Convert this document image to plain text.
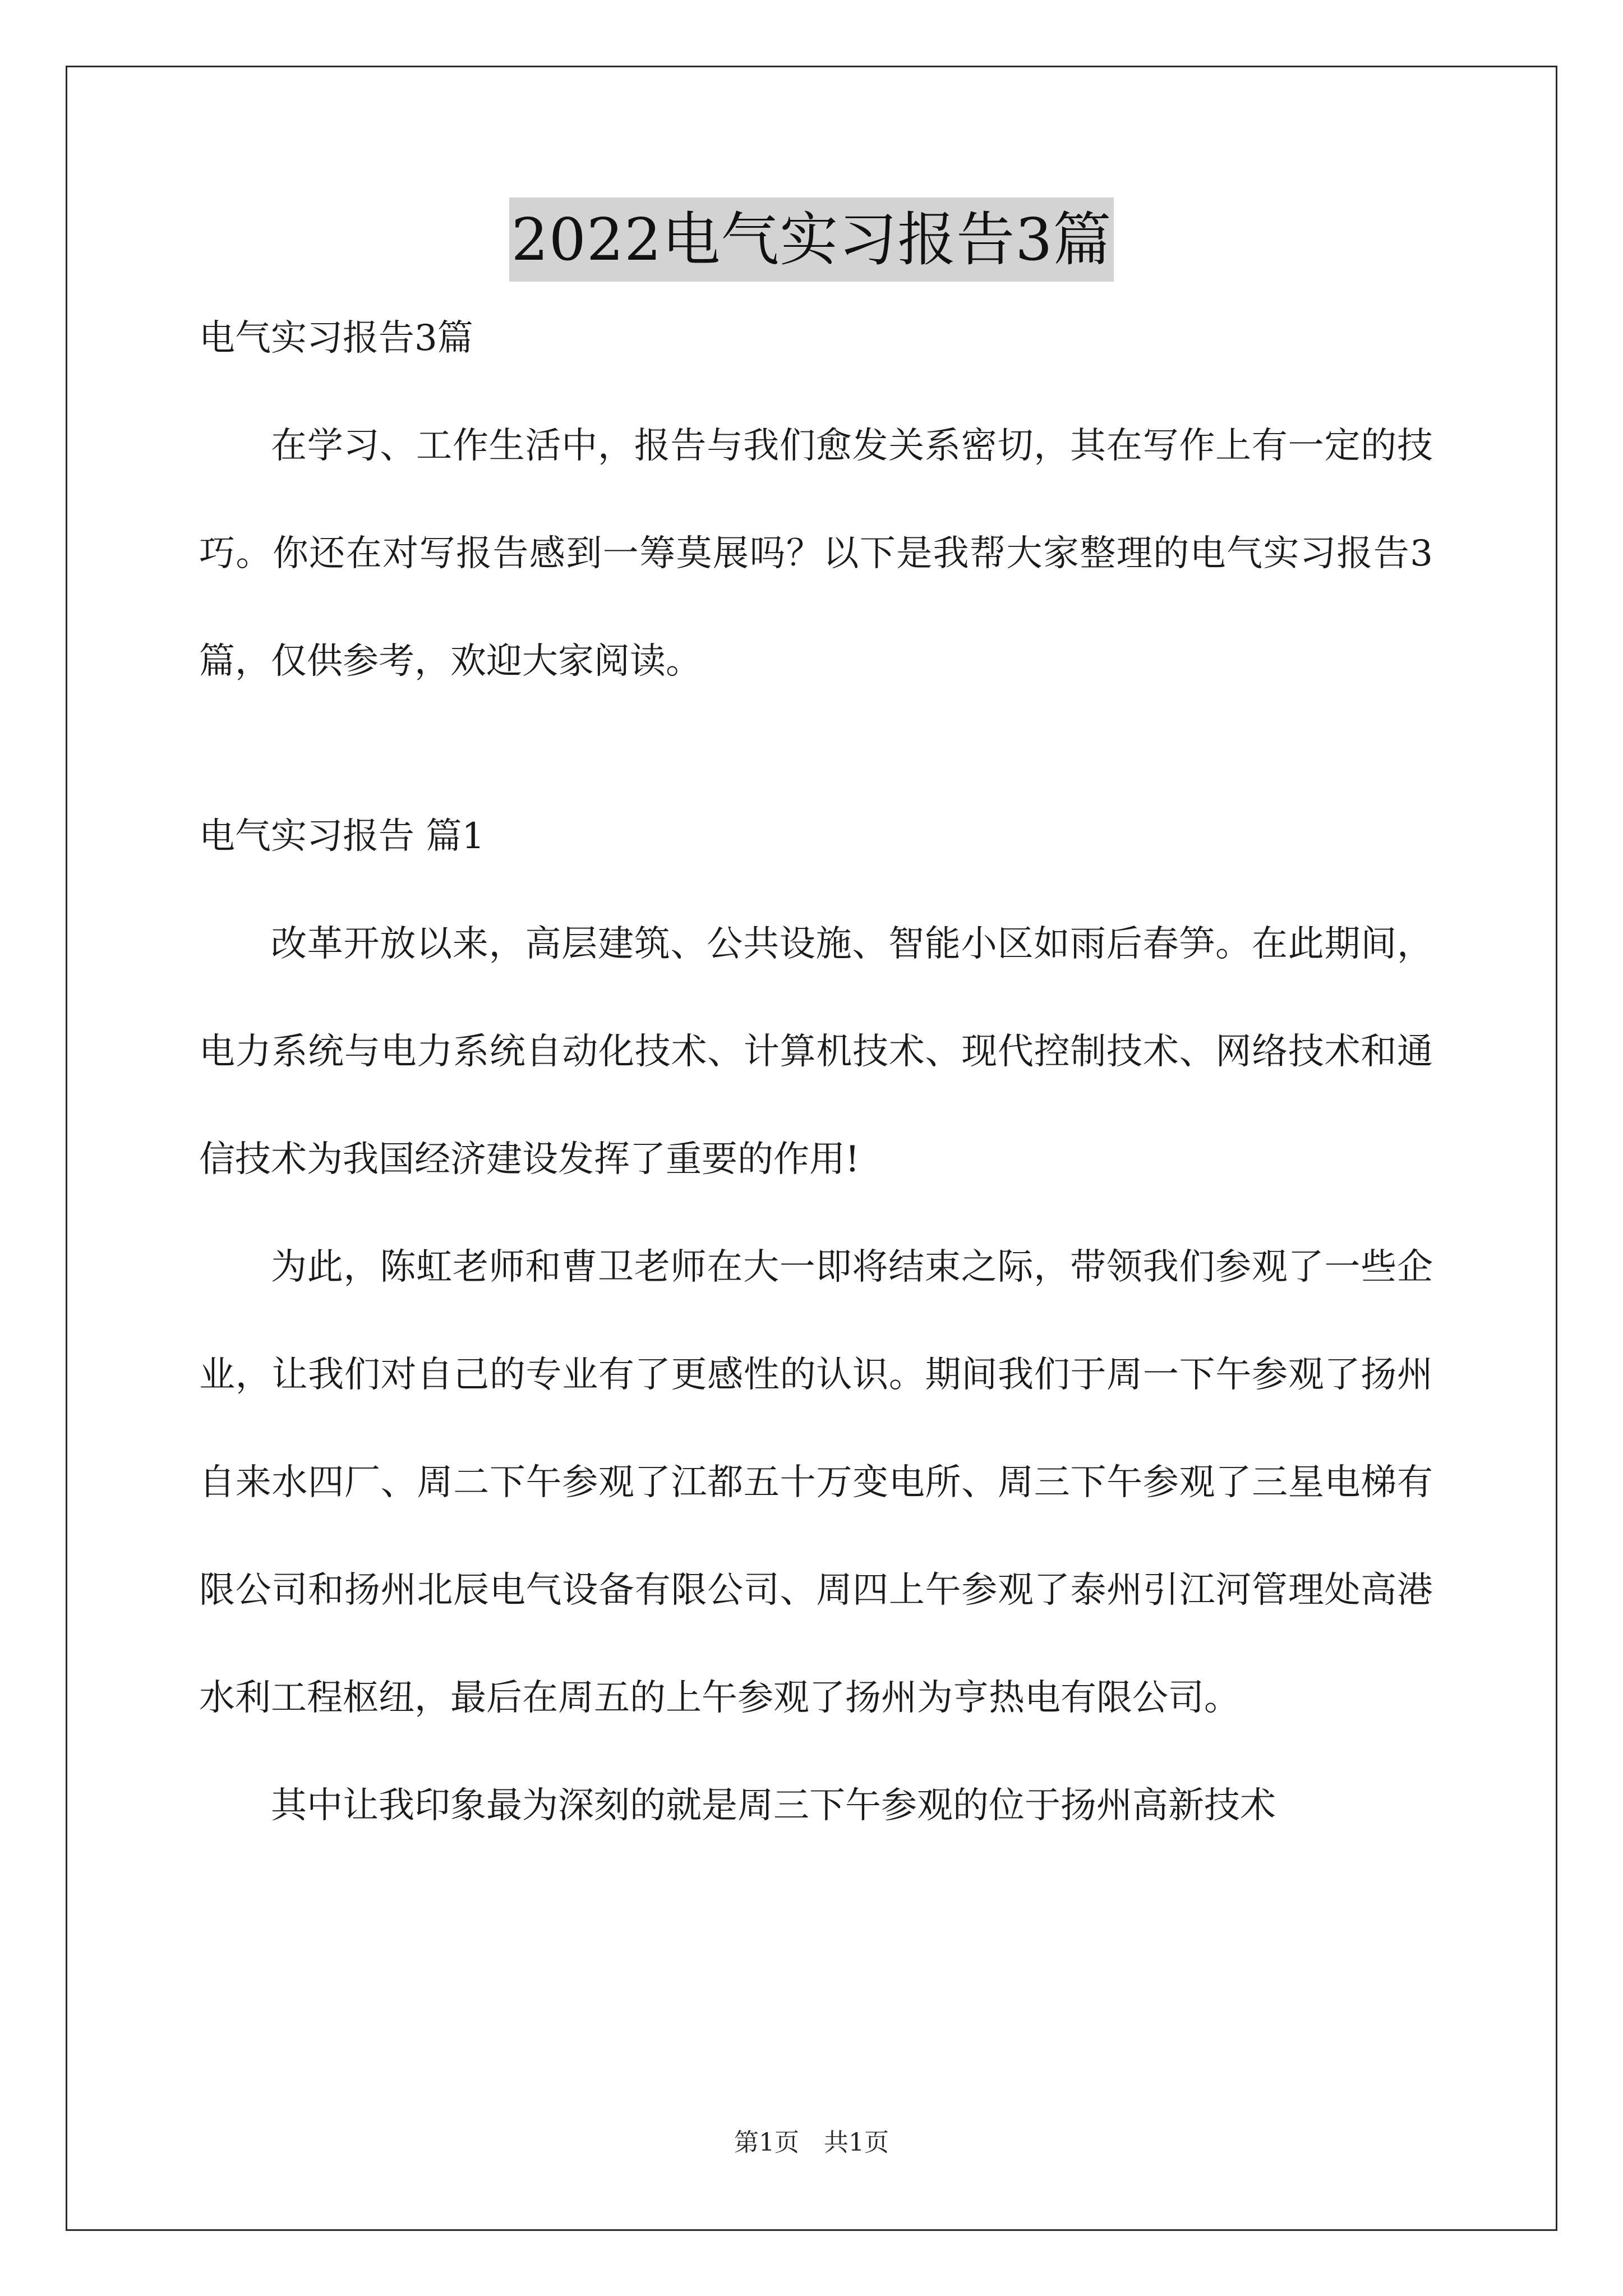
2022电气实习报告3篇

电气实习报告3篇

在学习、工作生活中，报告与我们愈发关系密切，其在写作上有一定的技巧。你还在对写报告感到一筹莫展吗？以下是我帮大家整理的电气实习报告3篇，仅供参考，欢迎大家阅读。

电气实习报告 篇1

改革开放以来，高层建筑、公共设施、智能小区如雨后春笋。在此期间，电力系统与电力系统自动化技术、计算机技术、现代控制技术、网络技术和通信技术为我国经济建设发挥了重要的作用!

为此，陈虹老师和曹卫老师在大一即将结束之际，带领我们参观了一些企业，让我们对自己的专业有了更感性的认识。期间我们于周一下午参观了扬州自来水四厂、周二下午参观了江都五十万变电所、周三下午参观了三星电梯有限公司和扬州北辰电气设备有限公司、周四上午参观了泰州引江河管理处高港水利工程枢纽，最后在周五的上午参观了扬州为亨热电有限公司。

其中让我印象最为深刻的就是周三下午参观的位于扬州高新技术

第1页　共1页
